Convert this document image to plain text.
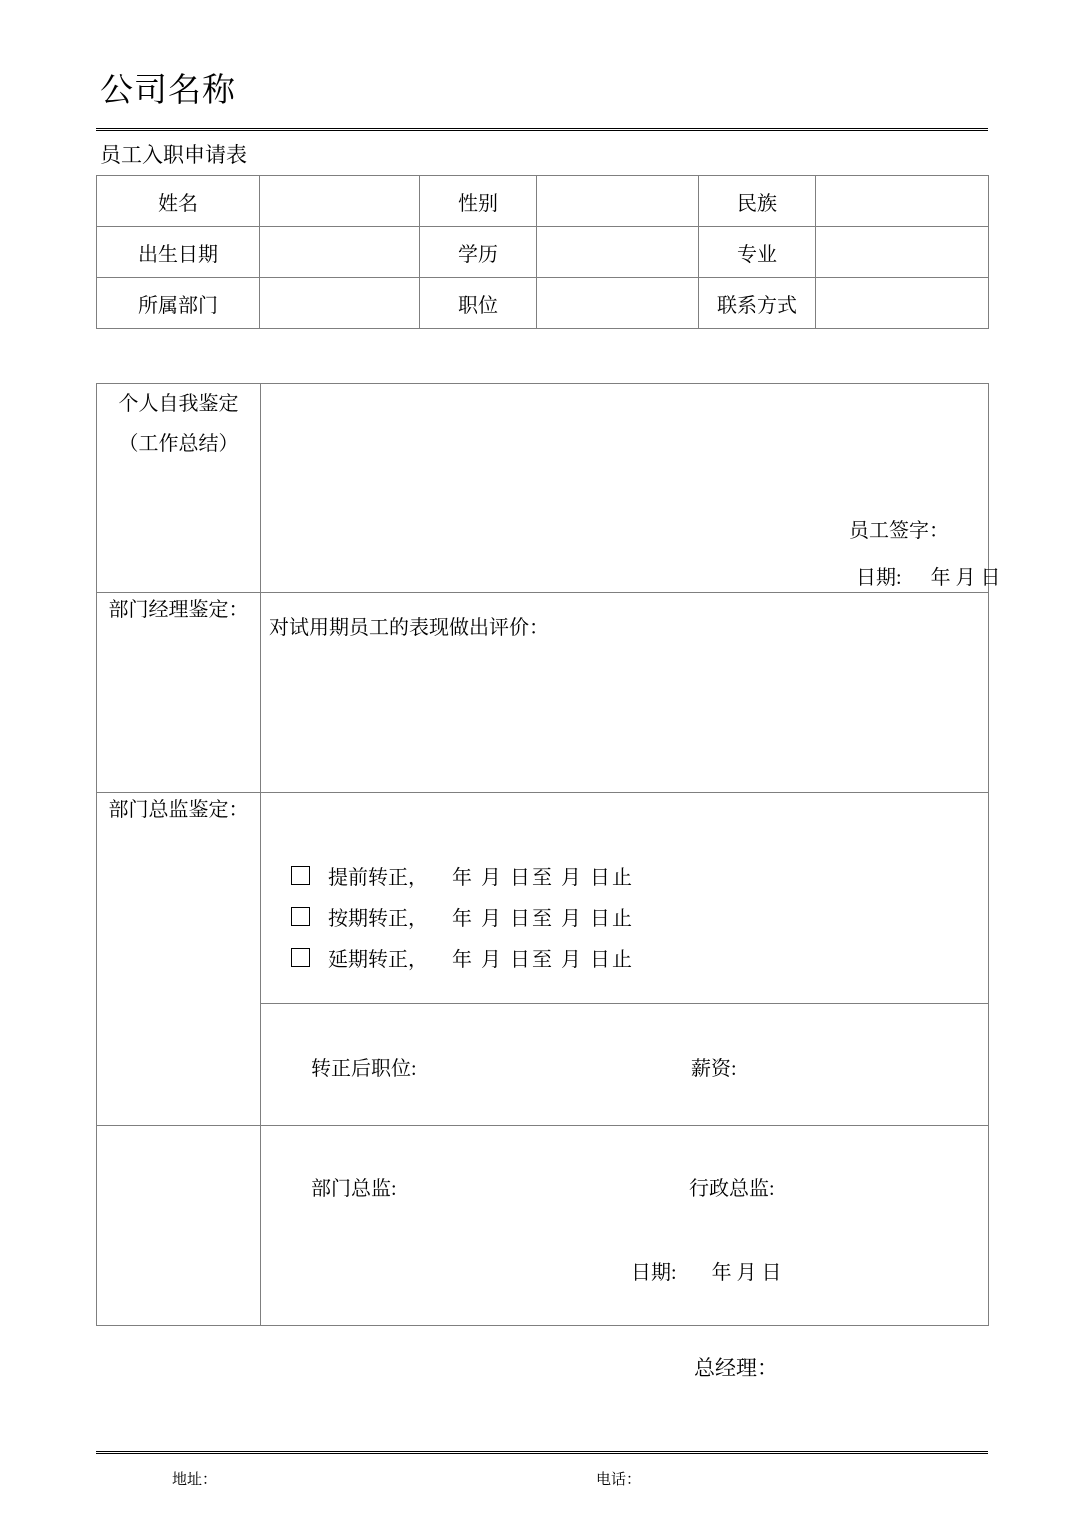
公司名称
员工入职申请表
姓名		性别		民族	
出生日期		学历		专业	
所属部门		职位		联系方式	
个人自我鉴定
（工作总结）

员工签字：
日期: 年 月 日

部门经理鉴定：	对试用期员工的表现做出评价：

部门总监鉴定：	
提前转正， 年 月 日至 月 日止
按期转正， 年 月 日至 月 日止
延期转正， 年 月 日至 月 日止

	转正后职位: 薪资:

	部门总监: 行政总监:
日期: 年 月 日
总经理：
地址：	电话：
